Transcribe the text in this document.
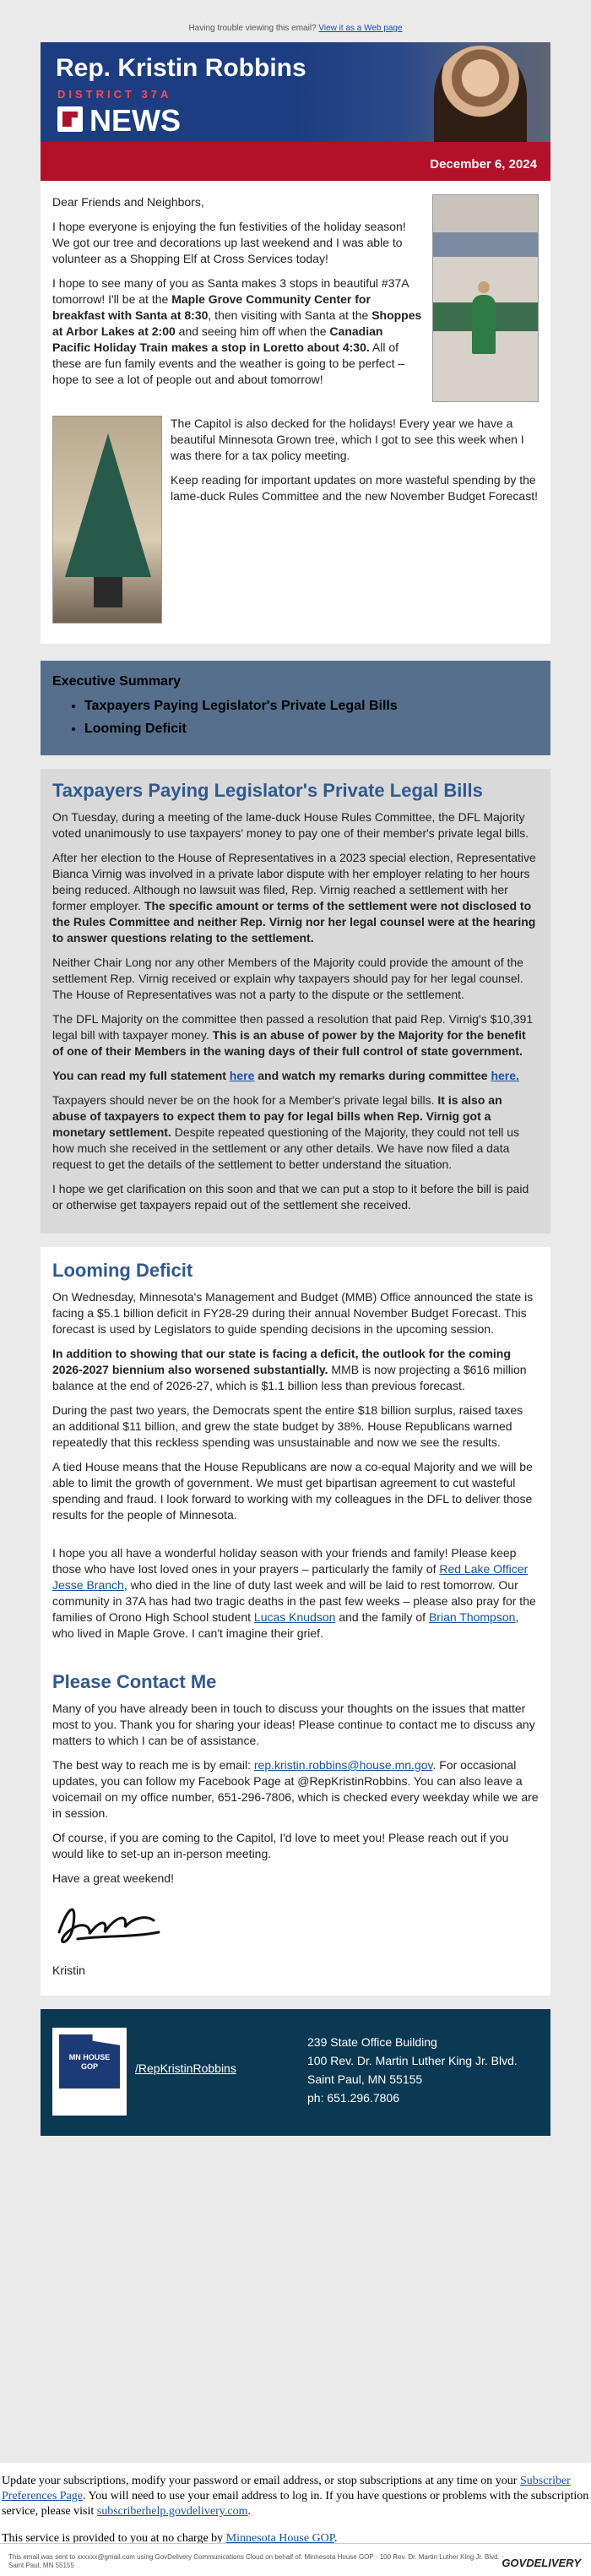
Having trouble viewing this email? View it as a Web page
Rep. Kristin Robbins
DISTRICT 37A
NEWS
December 6, 2024

Dear Friends and Neighbors,

I hope everyone is enjoying the fun festivities of the holiday season! We got our tree and decorations up last weekend and I was able to volunteer as a Shopping Elf at Cross Services today!

I hope to see many of you as Santa makes 3 stops in beautiful #37A tomorrow! I'll be at the Maple Grove Community Center for breakfast with Santa at 8:30, then visiting with Santa at the Shoppes at Arbor Lakes at 2:00 and seeing him off when the Canadian Pacific Holiday Train makes a stop in Loretto about 4:30. All of these are fun family events and the weather is going to be perfect – hope to see a lot of people out and about tomorrow!

The Capitol is also decked for the holidays! Every year we have a beautiful Minnesota Grown tree, which I got to see this week when I was there for a tax policy meeting.

Keep reading for important updates on more wasteful spending by the lame-duck Rules Committee and the new November Budget Forecast!

Executive Summary
• Taxpayers Paying Legislator's Private Legal Bills
• Looming Deficit
Taxpayers Paying Legislator's Private Legal Bills

On Tuesday, during a meeting of the lame-duck House Rules Committee, the DFL Majority voted unanimously to use taxpayers' money to pay one of their member's private legal bills.

After her election to the House of Representatives in a 2023 special election, Representative Bianca Virnig was involved in a private labor dispute with her employer relating to her hours being reduced. Although no lawsuit was filed, Rep. Virnig reached a settlement with her former employer. The specific amount or terms of the settlement were not disclosed to the Rules Committee and neither Rep. Virnig nor her legal counsel were at the hearing to answer questions relating to the settlement.

Neither Chair Long nor any other Members of the Majority could provide the amount of the settlement Rep. Virnig received or explain why taxpayers should pay for her legal counsel. The House of Representatives was not a party to the dispute or the settlement.

The DFL Majority on the committee then passed a resolution that paid Rep. Virnig's $10,391 legal bill with taxpayer money. This is an abuse of power by the Majority for the benefit of one of their Members in the waning days of their full control of state government.

You can read my full statement here and watch my remarks during committee here.

Taxpayers should never be on the hook for a Member's private legal bills. It is also an abuse of taxpayers to expect them to pay for legal bills when Rep. Virnig got a monetary settlement. Despite repeated questioning of the Majority, they could not tell us how much she received in the settlement or any other details. We have now filed a data request to get the details of the settlement to better understand the situation.

I hope we get clarification on this soon and that we can put a stop to it before the bill is paid or otherwise get taxpayers repaid out of the settlement she received.

Looming Deficit

On Wednesday, Minnesota's Management and Budget (MMB) Office announced the state is facing a $5.1 billion deficit in FY28-29 during their annual November Budget Forecast. This forecast is used by Legislators to guide spending decisions in the upcoming session.

In addition to showing that our state is facing a deficit, the outlook for the coming 2026-2027 biennium also worsened substantially. MMB is now projecting a $616 million balance at the end of 2026-27, which is $1.1 billion less than previous forecast.

During the past two years, the Democrats spent the entire $18 billion surplus, raised taxes an additional $11 billion, and grew the state budget by 38%. House Republicans warned repeatedly that this reckless spending was unsustainable and now we see the results.

A tied House means that the House Republicans are now a co-equal Majority and we will be able to limit the growth of government. We must get bipartisan agreement to cut wasteful spending and fraud. I look forward to working with my colleagues in the DFL to deliver those results for the people of Minnesota.

I hope you all have a wonderful holiday season with your friends and family! Please keep those who have lost loved ones in your prayers – particularly the family of Red Lake Officer Jesse Branch, who died in the line of duty last week and will be laid to rest tomorrow. Our community in 37A has had two tragic deaths in the past few weeks – please also pray for the families of Orono High School student Lucas Knudson and the family of Brian Thompson, who lived in Maple Grove. I can't imagine their grief.

Please Contact Me

Many of you have already been in touch to discuss your thoughts on the issues that matter most to you. Thank you for sharing your ideas! Please continue to contact me to discuss any matters to which I can be of assistance.

The best way to reach me is by email: rep.kristin.robbins@house.mn.gov. For occasional updates, you can follow my Facebook Page at @RepKristinRobbins. You can also leave a voicemail on my office number, 651-296-7806, which is checked every weekday while we are in session.

Of course, if you are coming to the Capitol, I'd love to meet you! Please reach out if you would like to set-up an in-person meeting.

Have a great weekend!

Kristin

MN HOUSE GOP
facebook
/RepKristinRobbins
239 State Office Building
100 Rev. Dr. Martin Luther King Jr. Blvd.
Saint Paul, MN 55155
ph: 651.296.7806

Update your subscriptions, modify your password or email address, or stop subscriptions at any time on your Subscriber Preferences Page. You will need to use your email address to log in. If you have questions or problems with the subscription service, please visit subscriberhelp.govdelivery.com.

This service is provided to you at no charge by Minnesota House GOP.

This email was sent to xxxxxx@gmail.com using GovDelivery Communications Cloud on behalf of: Minnesota House GOP · 100 Rev. Dr. Martin Luther King Jr. Blvd. · Saint Paul, MN 55155	GOVDELIVERY
